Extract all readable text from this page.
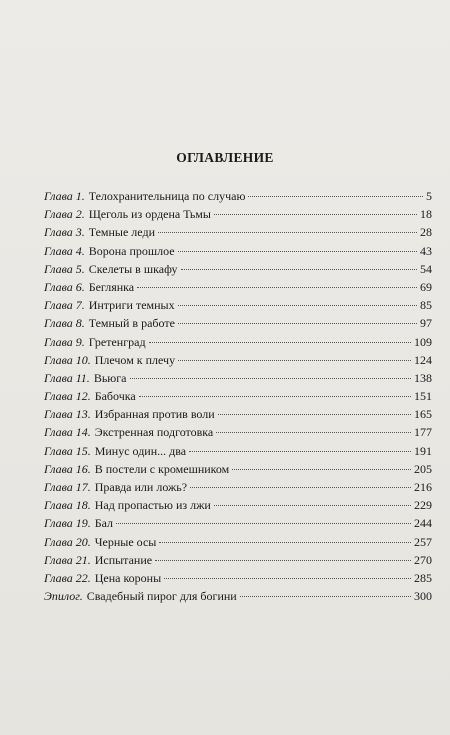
ОГЛАВЛЕНИЕ
Глава 1. Телохранительница по случаю	5
Глава 2. Щеголь из ордена Тьмы	18
Глава 3. Темные леди	28
Глава 4. Ворона прошлое	43
Глава 5. Скелеты в шкафу	54
Глава 6. Беглянка	69
Глава 7. Интриги темных	85
Глава 8. Темный в работе	97
Глава 9. Гретенград	109
Глава 10. Плечом к плечу	124
Глава 11. Вьюга	138
Глава 12. Бабочка	151
Глава 13. Избранная против воли	165
Глава 14. Экстренная подготовка	177
Глава 15. Минус один... два	191
Глава 16. В постели с кромешником	205
Глава 17. Правда или ложь?	216
Глава 18. Над пропастью из лжи	229
Глава 19. Бал	244
Глава 20. Черные осы	257
Глава 21. Испытание	270
Глава 22. Цена короны	285
Эпилог. Свадебный пирог для богини	300
